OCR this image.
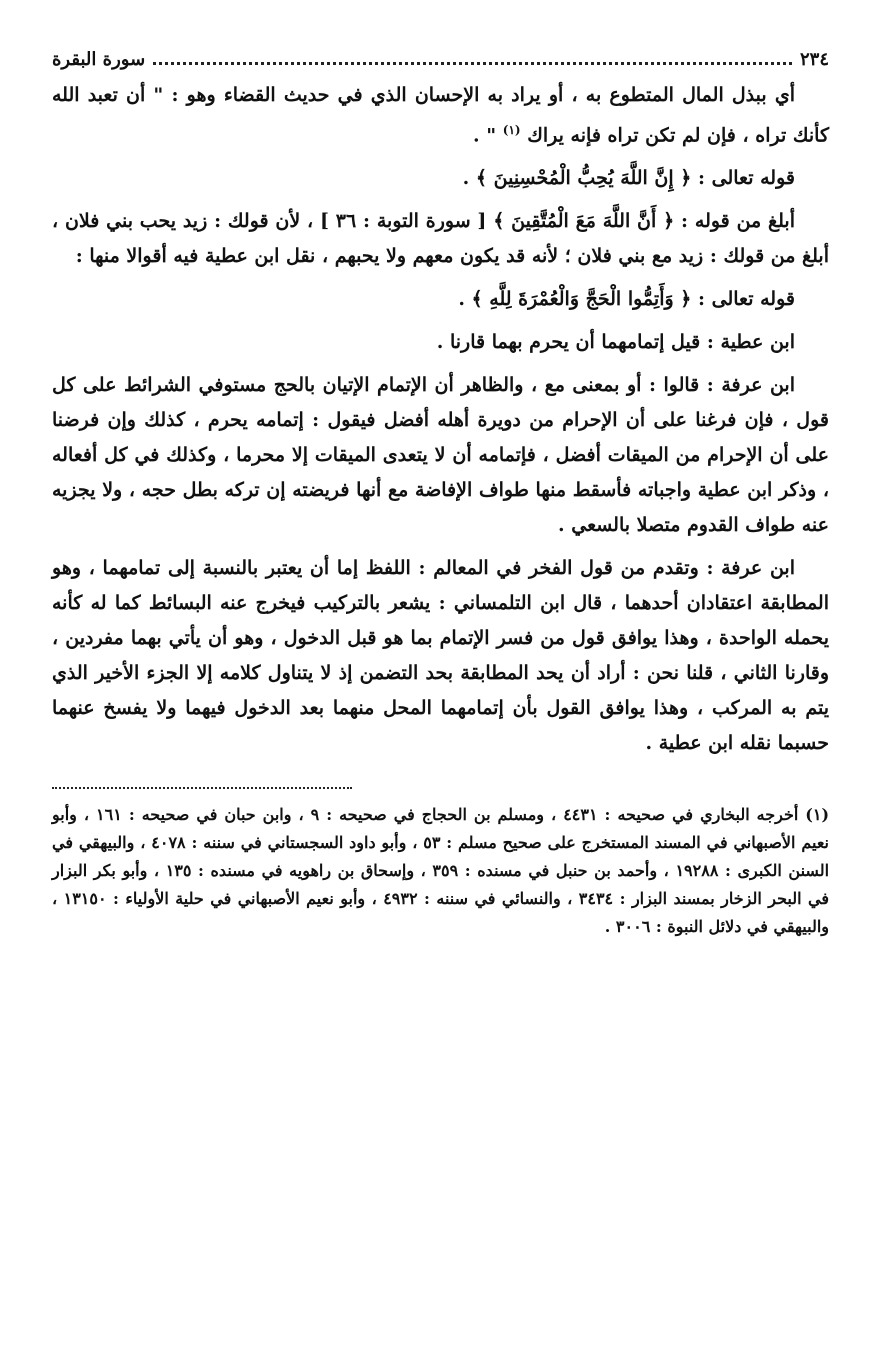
٢٣٤
سورة البقرة

أي ببذل المال المتطوع به ، أو يراد به الإحسان الذي في حديث القضاء وهو : " أن تعبد الله كأنك تراه ، فإن لم تكن تراه فإنه يراك $^{(١)}$ " .

قوله تعالى : ﴿ إِنَّ اللَّهَ يُحِبُّ الْمُحْسِنِينَ ﴾ .

أبلغ من قوله : ﴿ أَنَّ اللَّهَ مَعَ الْمُتَّقِينَ ﴾ [ سورة التوبة : ٣٦ ] ، لأن قولك : زيد يحب بني فلان ، أبلغ من قولك : زيد مع بني فلان ؛ لأنه قد يكون معهم ولا يحبهم ، نقل ابن عطية فيه أقوالا منها :

قوله تعالى : ﴿ وَأَتِمُّوا الْحَجَّ وَالْعُمْرَةَ لِلَّهِ ﴾ .

ابن عطية : قيل إتمامهما أن يحرم بهما قارنا .

ابن عرفة : قالوا : أو بمعنى مع ، والظاهر أن الإتمام الإتيان بالحج مستوفي الشرائط على كل قول ، فإن فرغنا على أن الإحرام من دويرة أهله أفضل فيقول : إتمامه يحرم ، كذلك وإن فرضنا على أن الإحرام من الميقات أفضل ، فإتمامه أن لا يتعدى الميقات إلا محرما ، وكذلك في كل أفعاله ، وذكر ابن عطية واجباته فأسقط منها طواف الإفاضة مع أنها فريضته إن تركه بطل حجه ، ولا يجزيه عنه طواف القدوم متصلا بالسعي .

ابن عرفة : وتقدم من قول الفخر في المعالم : اللفظ إما أن يعتبر بالنسبة إلى تمامهما ، وهو المطابقة اعتقادان أحدهما ، قال ابن التلمساني : يشعر بالتركيب فيخرج عنه البسائط كما له كأنه يحمله الواحدة ، وهذا يوافق قول من فسر الإتمام بما هو قبل الدخول ، وهو أن يأتي بهما مفردين ، وقارنا الثاني ، قلنا نحن : أراد أن يحد المطابقة بحد التضمن إذ لا يتناول كلامه إلا الجزء الأخير الذي يتم به المركب ، وهذا يوافق القول بأن إتمامهما المحل منهما بعد الدخول فيهما ولا يفسخ عنهما حسبما نقله ابن عطية .

(١) أخرجه البخاري في صحيحه : ٤٤٣١ ، ومسلم بن الحجاج في صحيحه : ٩ ، وابن حبان في صحيحه : ١٦١ ، وأبو نعيم الأصبهاني في المسند المستخرج على صحيح مسلم : ٥٣ ، وأبو داود السجستاني في سننه : ٤٠٧٨ ، والبيهقي في السنن الكبرى : ١٩٢٨٨ ، وأحمد بن حنبل في مسنده : ٣٥٩ ، وإسحاق بن راهويه في مسنده : ١٣٥ ، وأبو بكر البزار في البحر الزخار بمسند البزار : ٣٤٣٤ ، والنسائي في سننه : ٤٩٣٢ ، وأبو نعيم الأصبهاني في حلية الأولياء : ١٣١٥٠ ، والبيهقي في دلائل النبوة : ٣٠٠٦ .
